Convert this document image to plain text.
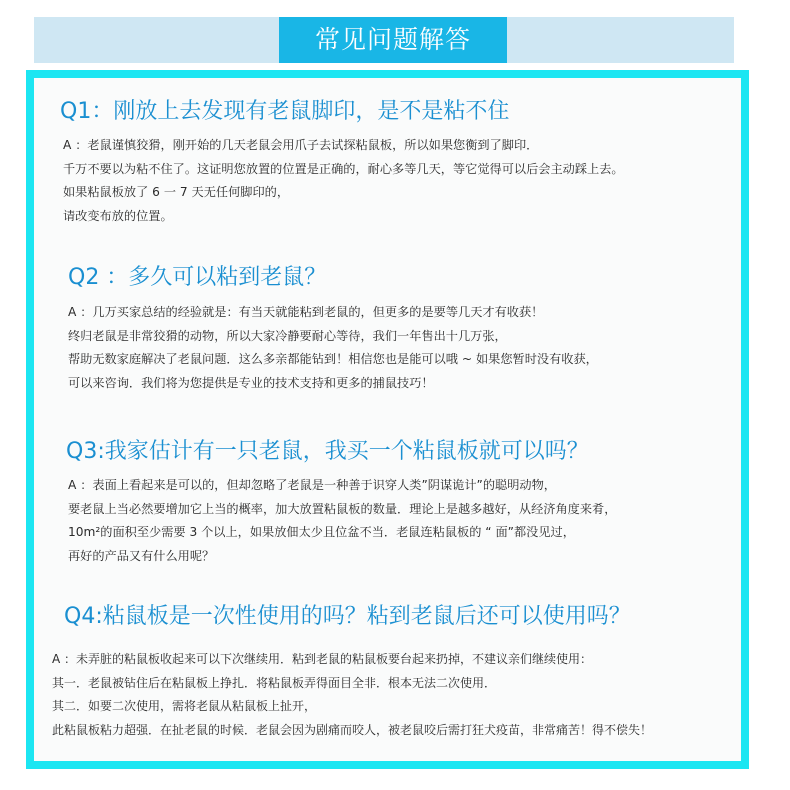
常见问题解答
Q1：刚放上去发现有老鼠脚印，是不是粘不住
A ：老鼠谨慎狡猾，刚开始的几天老鼠会用爪子去试探粘鼠板，所以如果您衡到了脚印．
千万不要以为粘不住了。这证明您放置的位置是正确的，耐心多等几天，等它觉得可以后会主动踩上去。
如果粘鼠板放了 6 一 7 天无任何脚印的，
请改变布放的位置。
Q2 ：多久可以粘到老鼠？
A ：几万买家总结的经验就是：有当天就能粘到老鼠的，但更多的是要等几天才有收获！
终归老鼠是非常狡猾的动物，所以大家冷静要耐心等待，我们一年售出十几万张，
帮助无数家庭解决了老鼠问题．这么多亲都能钻到！相信您也是能可以哦 ~ 如果您暂时没有收获，
可以来咨询．我们将为您提供是专业的技术支持和更多的捕鼠技巧！
Q3:我家估计有一只老鼠，我买一个粘鼠板就可以吗？
A ：表面上看起来是可以的，但却忽略了老鼠是一种善于识穿人类”阴谋诡计”的聪明动物，
要老鼠上当必然要增加它上当的概率，加大放置粘鼠板的数量．理论上是越多越好，从经济角度来肴，
10m²的面积至少需要 3 个以上，如果放佃太少且位盆不当．老鼠连粘鼠板的 “ 面”都没见过，
再好的产品又有什么用呢？
Q4:粘鼠板是一次性使用的吗？粘到老鼠后还可以使用吗？
A ：未弄脏的粘鼠板收起来可以下次继续用．粘到老鼠的粘鼠板要台起来扔掉，不建议亲们继续使用：
其一．老鼠被钻住后在粘鼠板上挣扎．将粘鼠板弄得面目全非．根本无法二次使用．
其二．如要二次使用，需将老鼠从粘鼠板上扯开，
此粘鼠板粘力超强．在扯老鼠的时候．老鼠会因为剧痛而咬人，被老鼠咬后需打狂犬疫苗，非常痛苦！得不偿失！
